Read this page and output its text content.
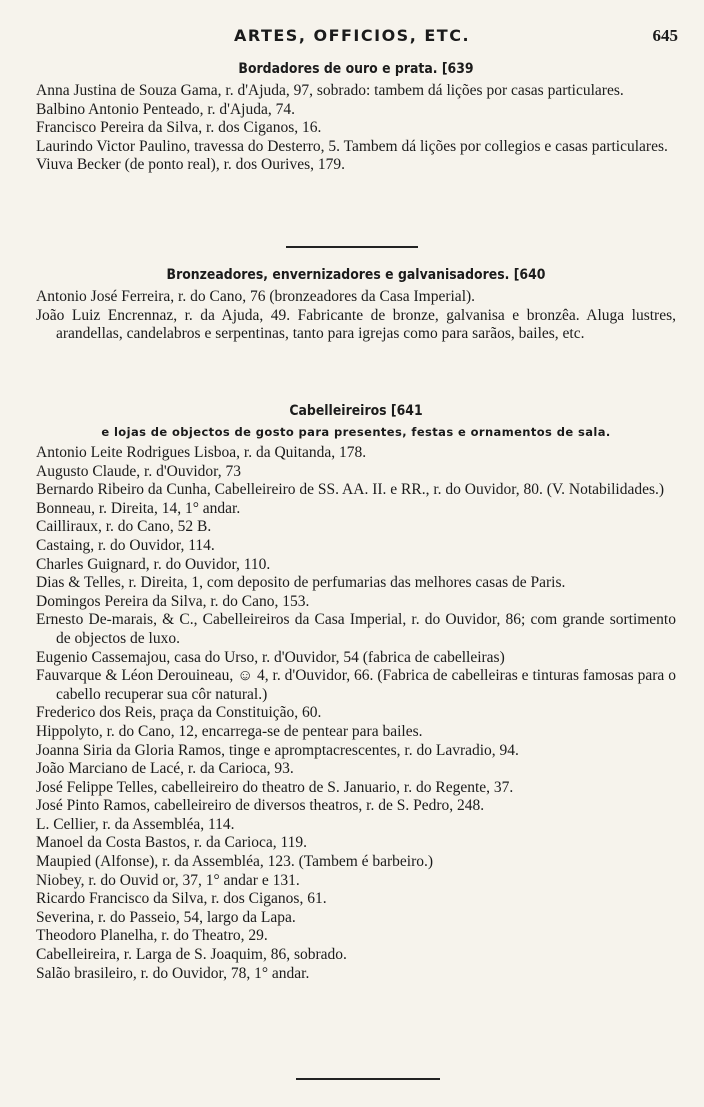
ARTES, OFFICIOS, ETC.	645
Bordadores de ouro e prata. [639
Anna Justina de Souza Gama, r. d'Ajuda, 97, sobrado: tambem dá lições por casas particulares.
Balbino Antonio Penteado, r. d'Ajuda, 74.
Francisco Pereira da Silva, r. dos Ciganos, 16.
Laurindo Victor Paulino, travessa do Desterro, 5. Tambem dá lições por collegios e casas particulares.
Viuva Becker (de ponto real), r. dos Ourives, 179.
Bronzeadores, envernizadores e galvanisadores. [640
Antonio José Ferreira, r. do Cano, 76 (bronzeadores da Casa Imperial).
João Luiz Encrennaz, r. da Ajuda, 49. Fabricante de bronze, galvanisa e bronzêa. Aluga lustres, arandellas, candelabros e serpentinas, tanto para igrejas como para sarãos, bailes, etc.
Cabelleireiros [641
e lojas de objectos de gosto para presentes, festas e ornamentos de sala.
Antonio Leite Rodrigues Lisboa, r. da Quitanda, 178.
Augusto Claude, r. d'Ouvidor, 73
Bernardo Ribeiro da Cunha, Cabelleireiro de SS. AA. II. e RR., r. do Ouvidor, 80. (V. Notabilidades.)
Bonneau, r. Direita, 14, 1° andar.
Cailliraux, r. do Cano, 52 B.
Castaing, r. do Ouvidor, 114.
Charles Guignard, r. do Ouvidor, 110.
Dias & Telles, r. Direita, 1, com deposito de perfumarias das melhores casas de Paris.
Domingos Pereira da Silva, r. do Cano, 153.
Ernesto De-marais, & C., Cabelleireiros da Casa Imperial, r. do Ouvidor, 86; com grande sortimento de objectos de luxo.
Eugenio Cassemajou, casa do Urso, r. d'Ouvidor, 54 (fabrica de cabelleiras)
Fauvarque & Léon Derouineau, ☺ 4, r. d'Ouvidor, 66. (Fabrica de cabelleiras e tinturas famosas para o cabello recuperar sua côr natural.)
Frederico dos Reis, praça da Constituição, 60.
Hippolyto, r. do Cano, 12, encarrega-se de pentear para bailes.
Joanna Siria da Gloria Ramos, tinge e apromptacrescentes, r. do Lavradio, 94.
João Marciano de Lacé, r. da Carioca, 93.
José Felippe Telles, cabelleireiro do theatro de S. Januario, r. do Regente, 37.
José Pinto Ramos, cabelleireiro de diversos theatros, r. de S. Pedro, 248.
L. Cellier, r. da Assembléa, 114.
Manoel da Costa Bastos, r. da Carioca, 119.
Maupied (Alfonse), r. da Assembléa, 123. (Tambem é barbeiro.)
Niobey, r. do Ouvid or, 37, 1° andar e 131.
Ricardo Francisco da Silva, r. dos Ciganos, 61.
Severina, r. do Passeio, 54, largo da Lapa.
Theodoro Planelha, r. do Theatro, 29.
Cabelleireira, r. Larga de S. Joaquim, 86, sobrado.
Salão brasileiro, r. do Ouvidor, 78, 1° andar.
